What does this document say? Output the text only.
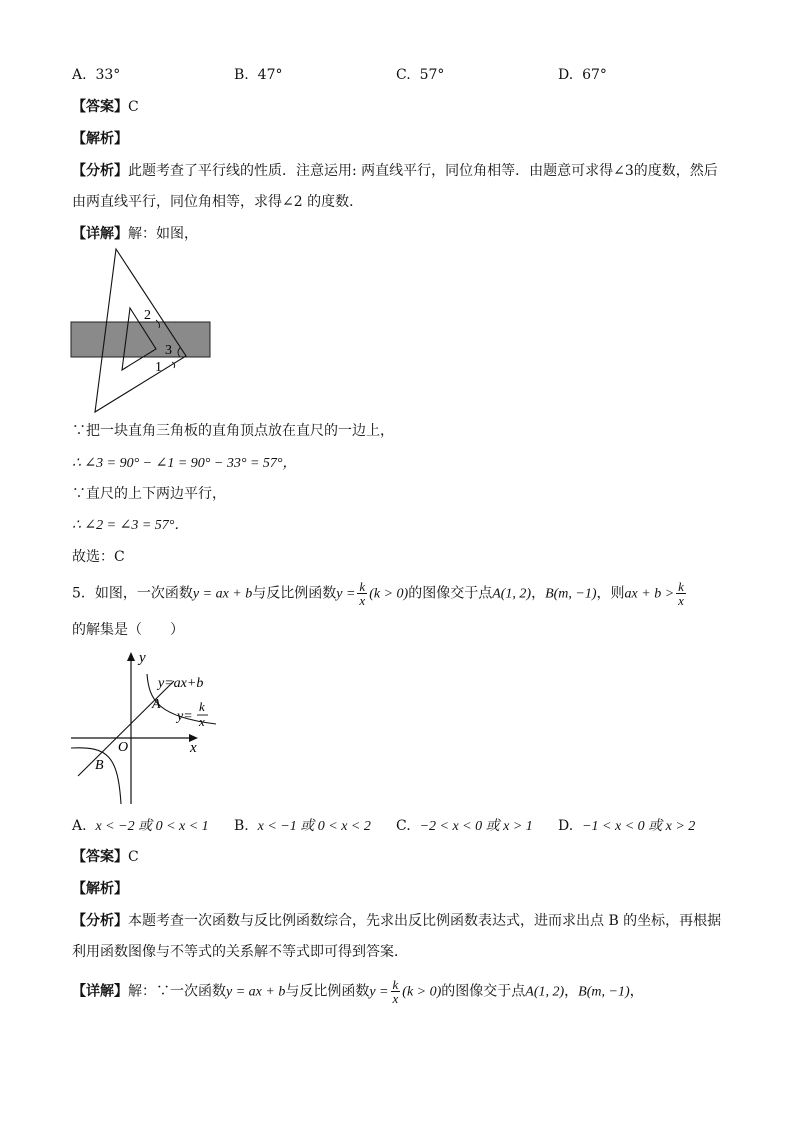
A. 33°	B. 47°	C. 57°	D. 67°
【答案】C
【解析】
【分析】此题考查了平行线的性质．注意运用: 两直线平行，同位角相等．由题意可求得∠3的度数，然后
由两直线平行，同位角相等，求得∠2 的度数．
【详解】解：如图，
2
3
1
∵把一块直角三角板的直角顶点放在直尺的一边上，
∴ ∠3 = 90° − ∠1 = 90° − 33° = 57°，
∵直尺的上下两边平行，
∴ ∠2 = ∠3 = 57°．
故选：C
5．如图，一次函数y = ax + b与反比例函数$y = \frac{k}{x} (k > 0)$的图像交于点A(1, 2)，B(m, −1)，则ax + $b > \frac{k}{x}$
的解集是（　　）
y
x
O
y=ax+b
y=
k
x
A
B
A. x < −2 或 0 < x < 1 B. x < −1 或 0 < x < 2 C. −2 < x < 0 或 x > 1 D. −1 < x < 0 或 x > 2
【答案】C
【解析】
【分析】本题考查一次函数与反比例函数综合，先求出反比例函数表达式，进而求出点 B 的坐标，再根据
利用函数图像与不等式的关系解不等式即可得到答案．
【详解】解：∵一次函数y = ax + b与反比例函数$y = \frac{k}{x} (k > 0)$的图像交于点A(1, 2)，B(m, −1)，
